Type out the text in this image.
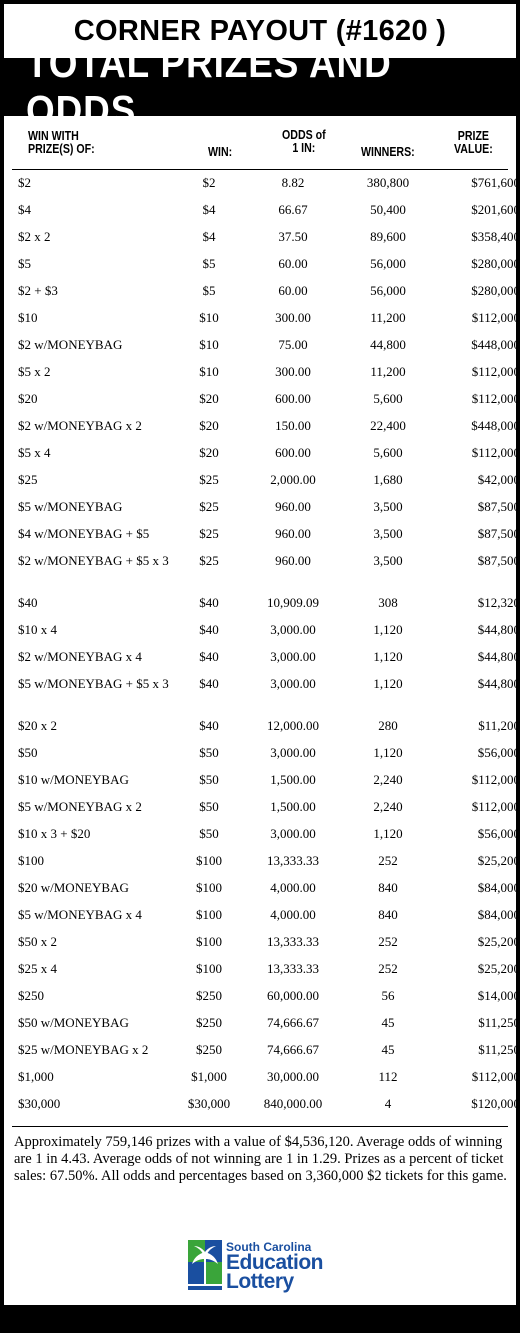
CORNER PAYOUT (#1620 )
TOTAL PRIZES AND ODDS
WIN WITH
PRIZE(S) OF:	WIN:
ODDS of
1 IN:	WINNERS:
PRIZE
VALUE:
$2	$2	8.82	380,800	$761,600
$4	$4	66.67	50,400	$201,600
$2 x 2	$4	37.50	89,600	$358,400
$5	$5	60.00	56,000	$280,000
$2 + $3	$5	60.00	56,000	$280,000
$10	$10	300.00	11,200	$112,000
$2 w/MONEYBAG	$10	75.00	44,800	$448,000
$5 x 2	$10	300.00	11,200	$112,000
$20	$20	600.00	5,600	$112,000
$2 w/MONEYBAG x 2	$20	150.00	22,400	$448,000
$5 x 4	$20	600.00	5,600	$112,000
$25	$25	2,000.00	1,680	$42,000
$5 w/MONEYBAG	$25	960.00	3,500	$87,500
$4 w/MONEYBAG + $5	$25	960.00	3,500	$87,500
$2 w/MONEYBAG + $5 x 3	$25	960.00	3,500	$87,500
$40	$40	10,909.09	308	$12,320
$10 x 4	$40	3,000.00	1,120	$44,800
$2 w/MONEYBAG x 4	$40	3,000.00	1,120	$44,800
$5 w/MONEYBAG + $5 x 3	$40	3,000.00	1,120	$44,800
$20 x 2	$40	12,000.00	280	$11,200
$50	$50	3,000.00	1,120	$56,000
$10 w/MONEYBAG	$50	1,500.00	2,240	$112,000
$5 w/MONEYBAG x 2	$50	1,500.00	2,240	$112,000
$10 x 3 + $20	$50	3,000.00	1,120	$56,000
$100	$100	13,333.33	252	$25,200
$20 w/MONEYBAG	$100	4,000.00	840	$84,000
$5 w/MONEYBAG x 4	$100	4,000.00	840	$84,000
$50 x 2	$100	13,333.33	252	$25,200
$25 x 4	$100	13,333.33	252	$25,200
$250	$250	60,000.00	56	$14,000
$50 w/MONEYBAG	$250	74,666.67	45	$11,250
$25 w/MONEYBAG x 2	$250	74,666.67	45	$11,250
$1,000	$1,000	30,000.00	112	$112,000
$30,000	$30,000	840,000.00	4	$120,000
Approximately 759,146 prizes with a value of $4,536,120. Average odds of winning are 1 in 4.43. Average odds of not winning are 1 in 1.29. Prizes as a percent of ticket sales: 67.50%. All odds and percentages based on 3,360,000 $2 tickets for this game.
South Carolina
Education
Lottery
